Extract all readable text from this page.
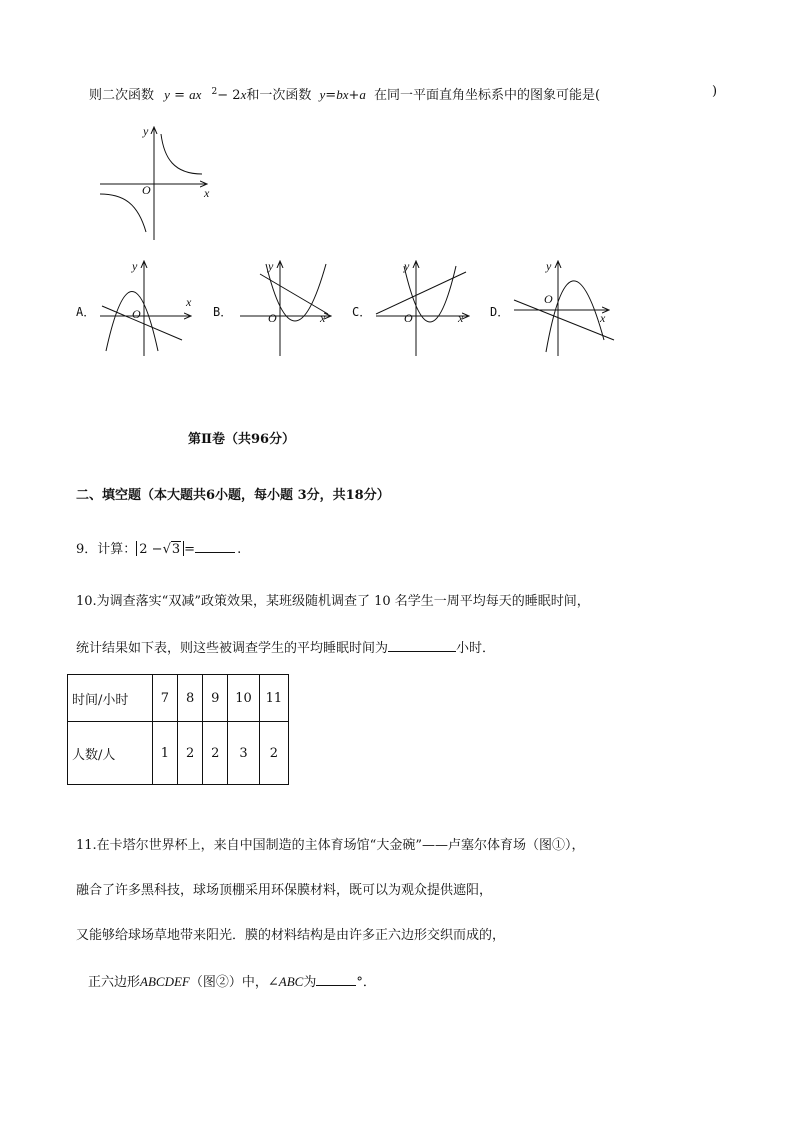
则二次函数 y = ax $^2$− 2x和一次函数 y=bx+a 在同一平面直角坐标系中的图象可能是(	)
y
O	x
A．
y
O
x
B．
y
O	x C．
y
O	x D．
y
O
x
第Ⅱ卷（共96分）
二、填空题（本大题共6小题，每小题 3分，共18分）
9．计算： 2 −√3 =	.
10.为调查落实“双减”政策效果，某班级随机调查了 10 名学生一周平均每天的睡眠时间，
统计结果如下表，则这些被调查学生的平均睡眠时间为	小时．
时间/小时	7	8	9	10	11
人数/人	1	2	2	3	2
11.在卡塔尔世界杯上，来自中国制造的主体育场馆“大金碗”——卢塞尔体育场（图①），
融合了许多黑科技，球场顶棚采用环保膜材料，既可以为观众提供遮阳，
又能够给球场草地带来阳光．膜的材料结构是由许多正六边形交织而成的，
正六边形ABCDEF（图②）中，∠ABC为	°．
